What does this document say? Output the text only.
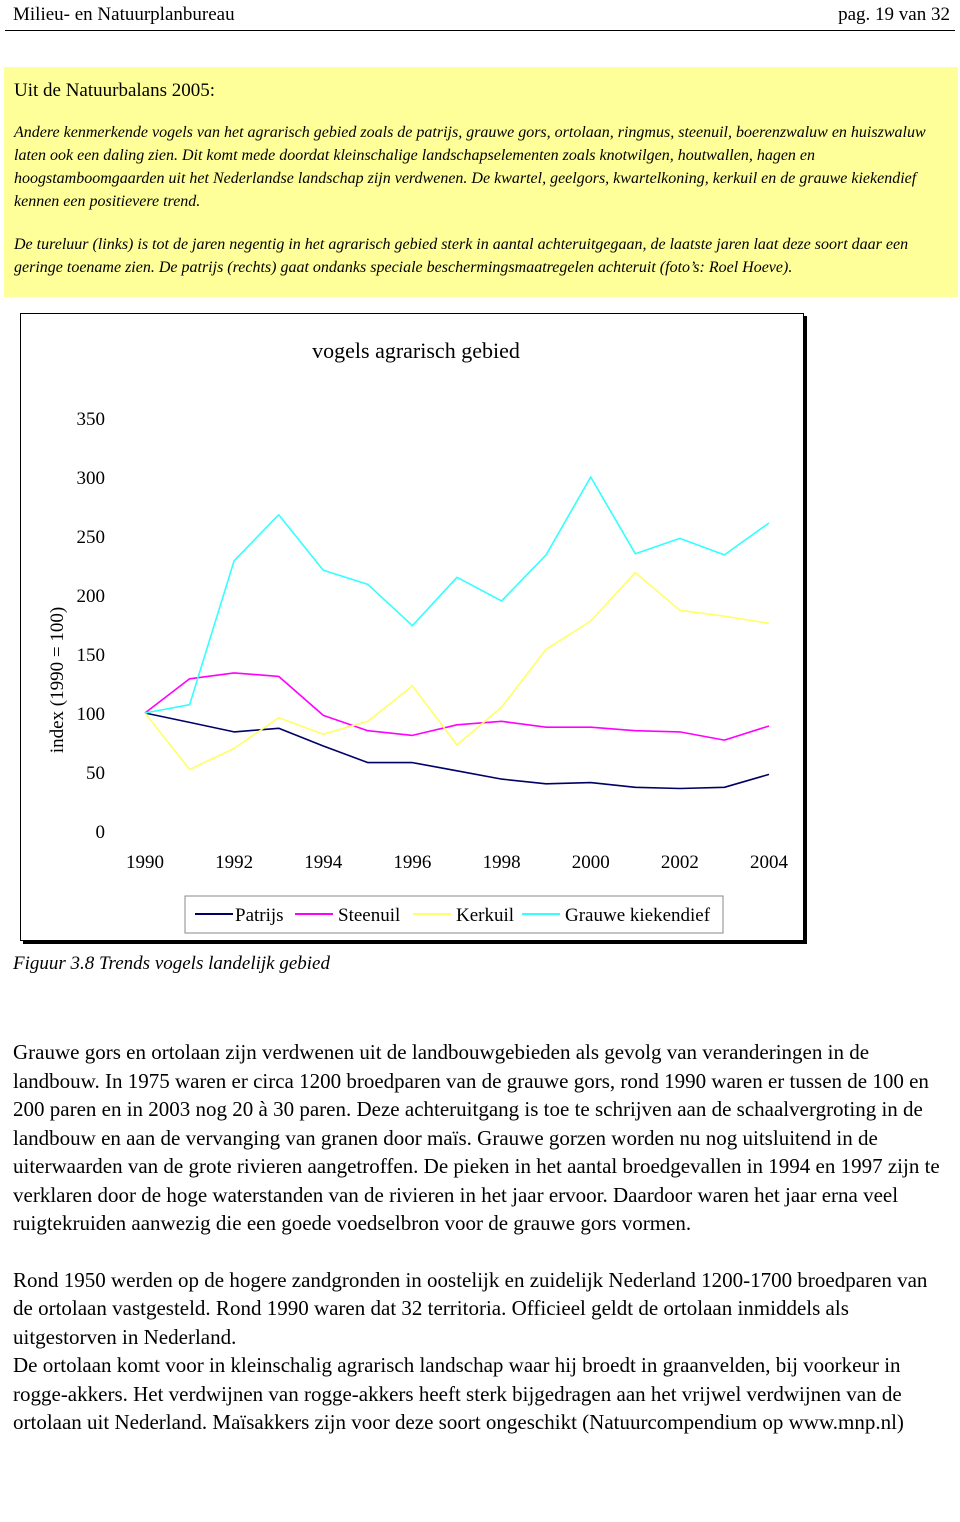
Milieu- en Natuurplanbureau	pag. 19 van 32
Uit de Natuurbalans 2005:

Andere kenmerkende vogels van het agrarisch gebied zoals de patrijs, grauwe gors, ortolaan, ringmus, steenuil, boerenzwaluw en huiszwaluw laten ook een daling zien. Dit komt mede doordat kleinschalige landschapselementen zoals knotwilgen, houtwallen, hagen en hoogstamboomgaarden uit het Nederlandse landschap zijn verdwenen. De kwartel, geelgors, kwartelkoning, kerkuil en de grauwe kiekendief kennen een positievere trend.

De tureluur (links) is tot de jaren negentig in het agrarisch gebied sterk in aantal achteruitgegaan, de laatste jaren laat deze soort daar een geringe toename zien. De patrijs (rechts) gaat ondanks speciale beschermingsmaatregelen achteruit (foto’s: Roel Hoeve).

vogels agrarisch gebied
index (1990 = 100)
0
50
100
150
200
250
300
350
1990	1992	1994	1996	1998	2000	2002	2004
Patrijs	Steenuil	Kerkuil	Grauwe kiekendief
Figuur 3.8 Trends vogels landelijk gebied

Grauwe gors en ortolaan zijn verdwenen uit de landbouwgebieden als gevolg van veranderingen in de landbouw. In 1975 waren er circa 1200 broedparen van de grauwe gors, rond 1990 waren er tussen de 100 en 200 paren en in 2003 nog 20 à 30 paren. Deze achteruitgang is toe te schrijven aan de schaalvergroting in de landbouw en aan de vervanging van granen door maïs. Grauwe gorzen worden nu nog uitsluitend in de uiterwaarden van de grote rivieren aangetroffen. De pieken in het aantal broedgevallen in 1994 en 1997 zijn te verklaren door de hoge waterstanden van de rivieren in het jaar ervoor. Daardoor waren het jaar erna veel ruigtekruiden aanwezig die een goede voedselbron voor de grauwe gors vormen.

Rond 1950 werden op de hogere zandgronden in oostelijk en zuidelijk Nederland 1200-1700 broedparen van de ortolaan vastgesteld. Rond 1990 waren dat 32 territoria. Officieel geldt de ortolaan inmiddels als uitgestorven in Nederland.

De ortolaan komt voor in kleinschalig agrarisch landschap waar hij broedt in graanvelden, bij voorkeur in rogge-akkers. Het verdwijnen van rogge-akkers heeft sterk bijgedragen aan het vrijwel verdwijnen van de ortolaan uit Nederland. Maïsakkers zijn voor deze soort ongeschikt (Natuurcompendium op www.mnp.nl)
